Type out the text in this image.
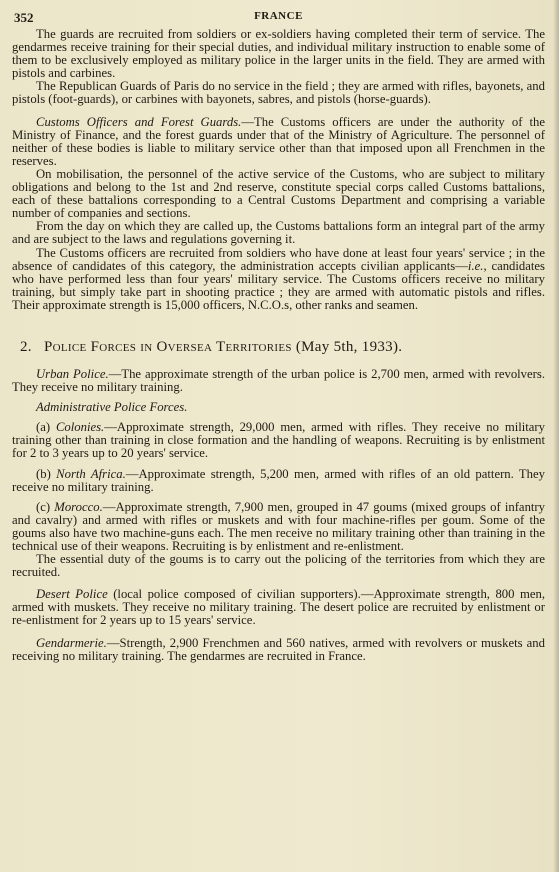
352	FRANCE

The guards are recruited from soldiers or ex-soldiers having completed their term of service. The gendarmes receive training for their special duties, and individual military instruction to enable some of them to be exclusively employed as military police in the larger units in the field. They are armed with pistols and carbines.

The Republican Guards of Paris do no service in the field ; they are armed with rifles, bayonets, and pistols (foot-guards), or carbines with bayonets, sabres, and pistols (horse-guards).

Customs Officers and Forest Guards.—The Customs officers are under the authority of the Ministry of Finance, and the forest guards under that of the Ministry of Agriculture. The personnel of neither of these bodies is liable to military service other than that imposed upon all Frenchmen in the reserves.

On mobilisation, the personnel of the active service of the Customs, who are subject to military obligations and belong to the 1st and 2nd reserve, constitute special corps called Customs battalions, each of these battalions corresponding to a Central Customs Department and comprising a variable number of companies and sections.

From the day on which they are called up, the Customs battalions form an integral part of the army and are subject to the laws and regulations governing it.

The Customs officers are recruited from soldiers who have done at least four years' service ; in the absence of candidates of this category, the administration accepts civilian applicants—i.e., candidates who have performed less than four years' military service. The Customs officers receive no military training, but simply take part in shooting practice ; they are armed with automatic pistols and rifles. Their approximate strength is 15,000 officers, N.C.O.s, other ranks and seamen.

2. Police Forces in Oversea Territories (May 5th, 1933).

Urban Police.—The approximate strength of the urban police is 2,700 men, armed with revolvers. They receive no military training.

Administrative Police Forces.

(a) Colonies.—Approximate strength, 29,000 men, armed with rifles. They receive no military training other than training in close formation and the handling of weapons. Recruiting is by enlistment for 2 to 3 years up to 20 years' service.

(b) North Africa.—Approximate strength, 5,200 men, armed with rifles of an old pattern. They receive no military training.

(c) Morocco.—Approximate strength, 7,900 men, grouped in 47 goums (mixed groups of infantry and cavalry) and armed with rifles or muskets and with four machine-rifles per goum. Some of the goums also have two machine-guns each. The men receive no military training other than training in the technical use of their weapons. Recruiting is by enlistment and re-enlistment.

The essential duty of the goums is to carry out the policing of the territories from which they are recruited.

Desert Police (local police composed of civilian supporters).—Approximate strength, 800 men, armed with muskets. They receive no military training. The desert police are recruited by enlistment or re-enlistment for 2 years up to 15 years' service.

Gendarmerie.—Strength, 2,900 Frenchmen and 560 natives, armed with revolvers or muskets and receiving no military training. The gendarmes are recruited in France.
